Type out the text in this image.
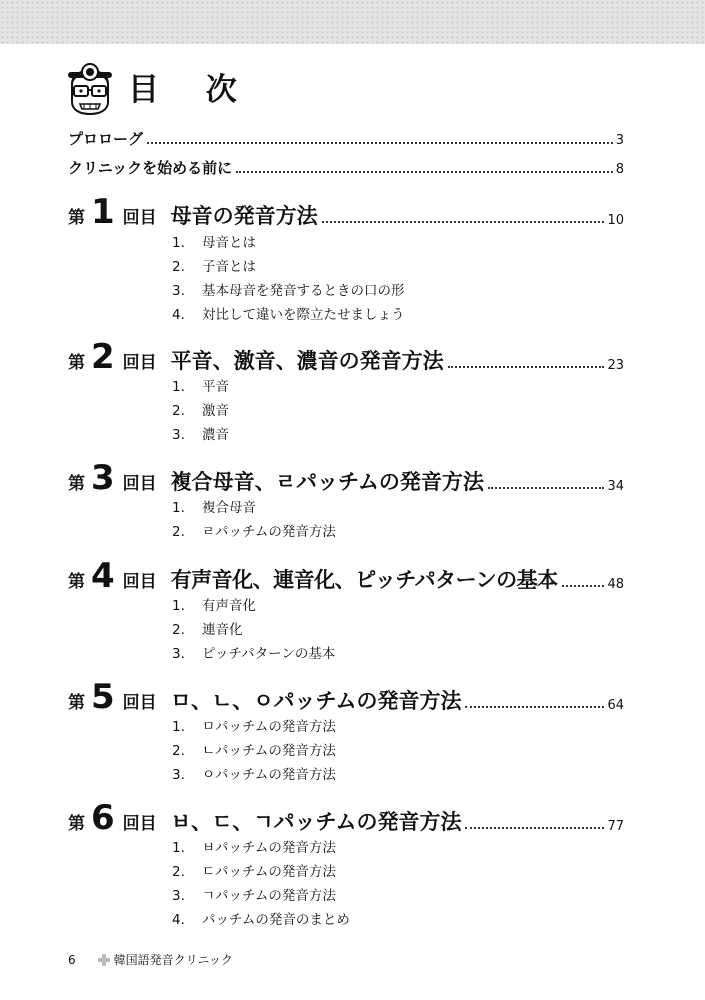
目 次
プロローグ	3
クリニックを始める前に	8
第 1 回目 母音の発音方法	10
1. 母音とは
2. 子音とは
3. 基本母音を発音するときの口の形
4. 対比して違いを際立たせましょう
第 2 回目 平音、激音、濃音の発音方法	23
1. 平音
2. 激音
3. 濃音
第 3 回目 複合母音、ㄹパッチムの発音方法	34
1. 複合母音
2. ㄹパッチムの発音方法
第 4 回目 有声音化、連音化、ピッチパターンの基本	48
1. 有声音化
2. 連音化
3. ピッチパターンの基本
第 5 回目 ㅁ、ㄴ、ㅇパッチムの発音方法	64
1. ㅁパッチムの発音方法
2. ㄴパッチムの発音方法
3. ㅇパッチムの発音方法
第 6 回目 ㅂ、ㄷ、ㄱパッチムの発音方法	77
1. ㅂパッチムの発音方法
2. ㄷパッチムの発音方法
3. ㄱパッチムの発音方法
4. パッチムの発音のまとめ
6	韓国語発音クリニック
